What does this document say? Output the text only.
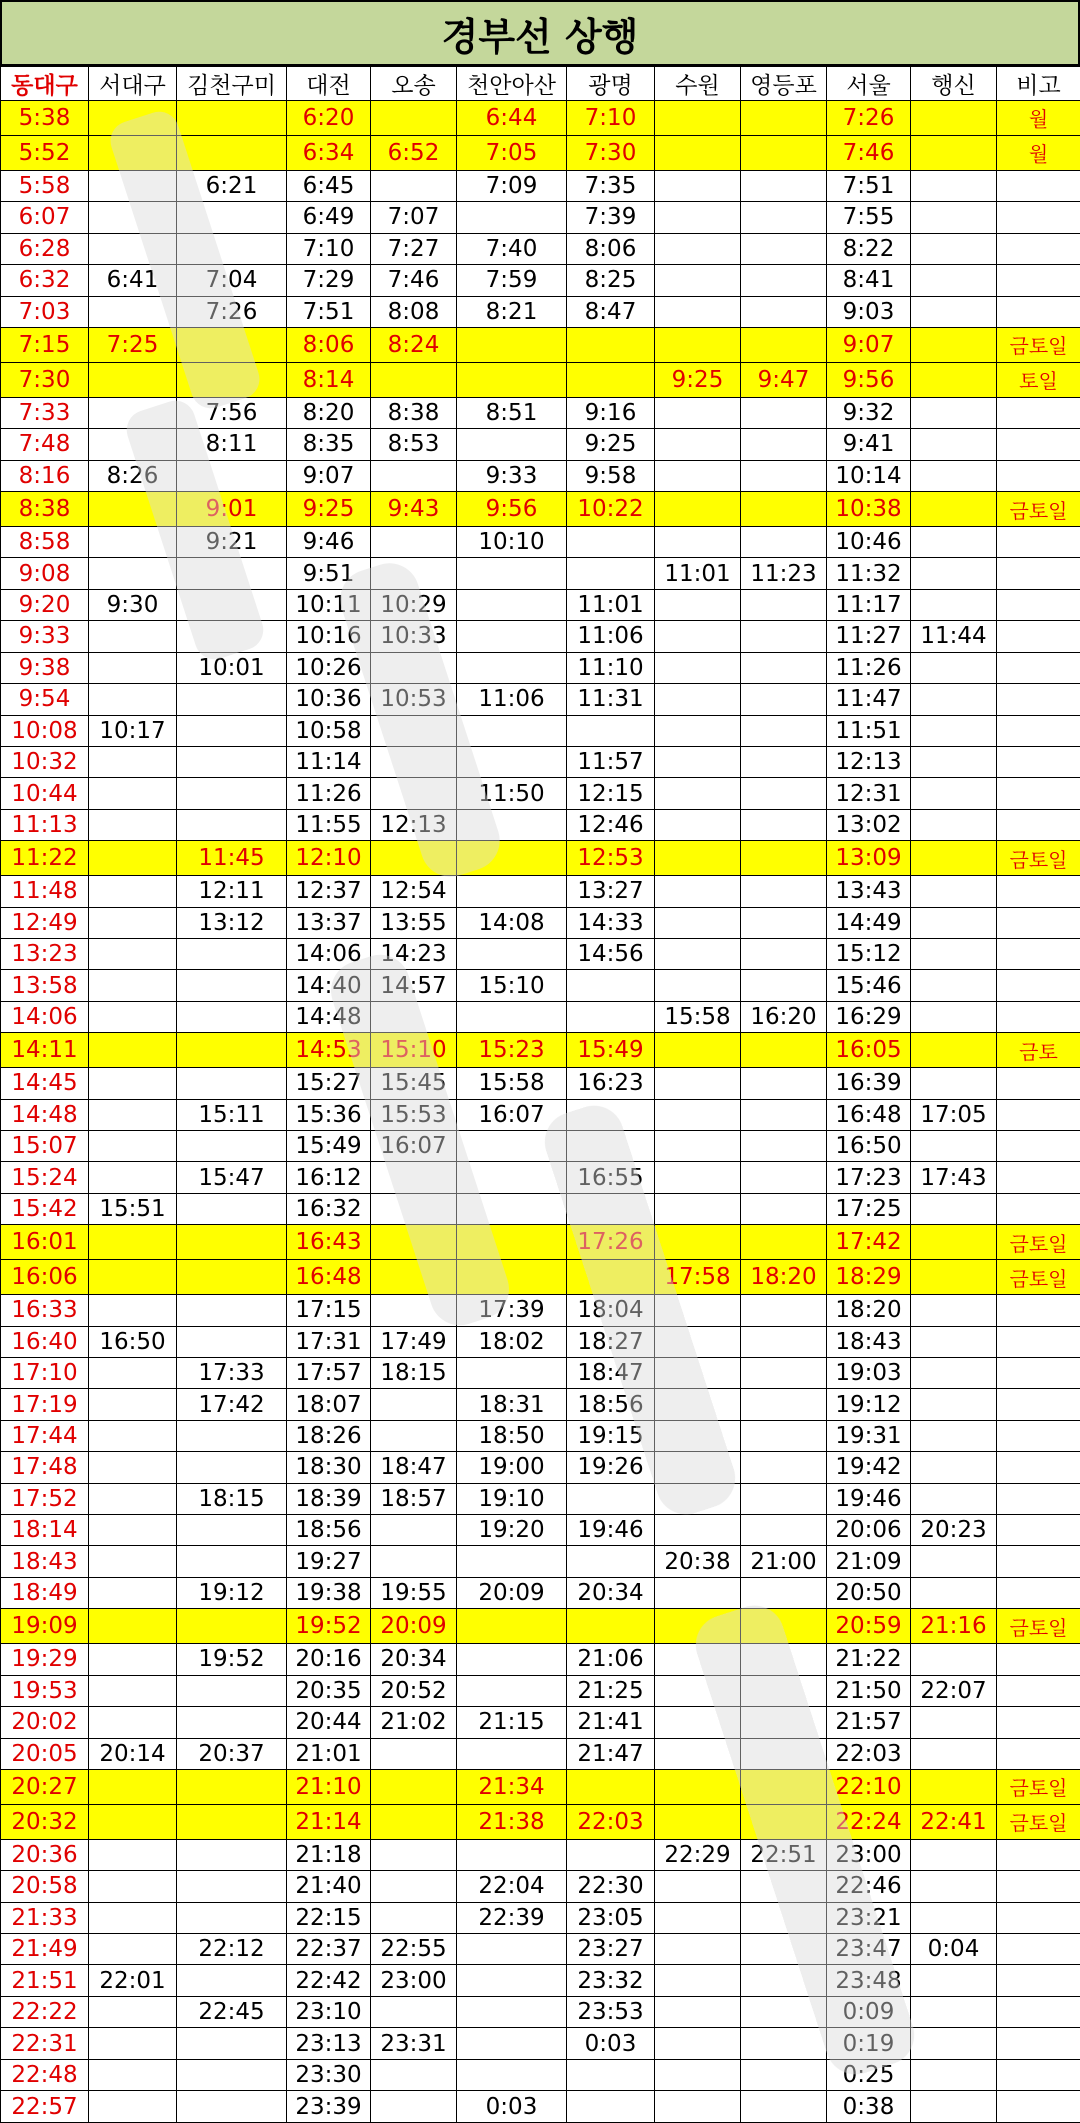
경부선 상행
동대구	서대구	김천구미	대전	오송	천안아산	광명	수원	영등포	서울	행신	비고
5:38			6:20		6:44	7:10			7:26		월
5:52			6:34	6:52	7:05	7:30			7:46		월
5:58		6:21	6:45		7:09	7:35			7:51		
6:07			6:49	7:07		7:39			7:55		
6:28			7:10	7:27	7:40	8:06			8:22		
6:32	6:41	7:04	7:29	7:46	7:59	8:25			8:41		
7:03		7:26	7:51	8:08	8:21	8:47			9:03		
7:15	7:25		8:06	8:24					9:07		금토일
7:30			8:14				9:25	9:47	9:56		토일
7:33		7:56	8:20	8:38	8:51	9:16			9:32		
7:48		8:11	8:35	8:53		9:25			9:41		
8:16	8:26		9:07		9:33	9:58			10:14		
8:38		9:01	9:25	9:43	9:56	10:22			10:38		금토일
8:58		9:21	9:46		10:10				10:46		
9:08			9:51				11:01	11:23	11:32		
9:20	9:30		10:11	10:29		11:01			11:17		
9:33			10:16	10:33		11:06			11:27	11:44	
9:38		10:01	10:26			11:10			11:26		
9:54			10:36	10:53	11:06	11:31			11:47		
10:08	10:17		10:58						11:51		
10:32			11:14			11:57			12:13		
10:44			11:26		11:50	12:15			12:31		
11:13			11:55	12:13		12:46			13:02		
11:22		11:45	12:10			12:53			13:09		금토일
11:48		12:11	12:37	12:54		13:27			13:43		
12:49		13:12	13:37	13:55	14:08	14:33			14:49		
13:23			14:06	14:23		14:56			15:12		
13:58			14:40	14:57	15:10				15:46		
14:06			14:48				15:58	16:20	16:29		
14:11			14:53	15:10	15:23	15:49			16:05		금토
14:45			15:27	15:45	15:58	16:23			16:39		
14:48		15:11	15:36	15:53	16:07				16:48	17:05	
15:07			15:49	16:07					16:50		
15:24		15:47	16:12			16:55			17:23	17:43	
15:42	15:51		16:32						17:25		
16:01			16:43			17:26			17:42		금토일
16:06			16:48				17:58	18:20	18:29		금토일
16:33			17:15		17:39	18:04			18:20		
16:40	16:50		17:31	17:49	18:02	18:27			18:43		
17:10		17:33	17:57	18:15		18:47			19:03		
17:19		17:42	18:07		18:31	18:56			19:12		
17:44			18:26		18:50	19:15			19:31		
17:48			18:30	18:47	19:00	19:26			19:42		
17:52		18:15	18:39	18:57	19:10				19:46		
18:14			18:56		19:20	19:46			20:06	20:23	
18:43			19:27				20:38	21:00	21:09		
18:49		19:12	19:38	19:55	20:09	20:34			20:50		
19:09			19:52	20:09					20:59	21:16	금토일
19:29		19:52	20:16	20:34		21:06			21:22		
19:53			20:35	20:52		21:25			21:50	22:07	
20:02			20:44	21:02	21:15	21:41			21:57		
20:05	20:14	20:37	21:01			21:47			22:03		
20:27			21:10		21:34				22:10		금토일
20:32			21:14		21:38	22:03			22:24	22:41	금토일
20:36			21:18				22:29	22:51	23:00		
20:58			21:40		22:04	22:30			22:46		
21:33			22:15		22:39	23:05			23:21		
21:49		22:12	22:37	22:55		23:27			23:47	0:04	
21:51	22:01		22:42	23:00		23:32			23:48		
22:22		22:45	23:10			23:53			0:09		
22:31			23:13	23:31		0:03			0:19		
22:48			23:30						0:25		
22:57			23:39		0:03				0:38		
